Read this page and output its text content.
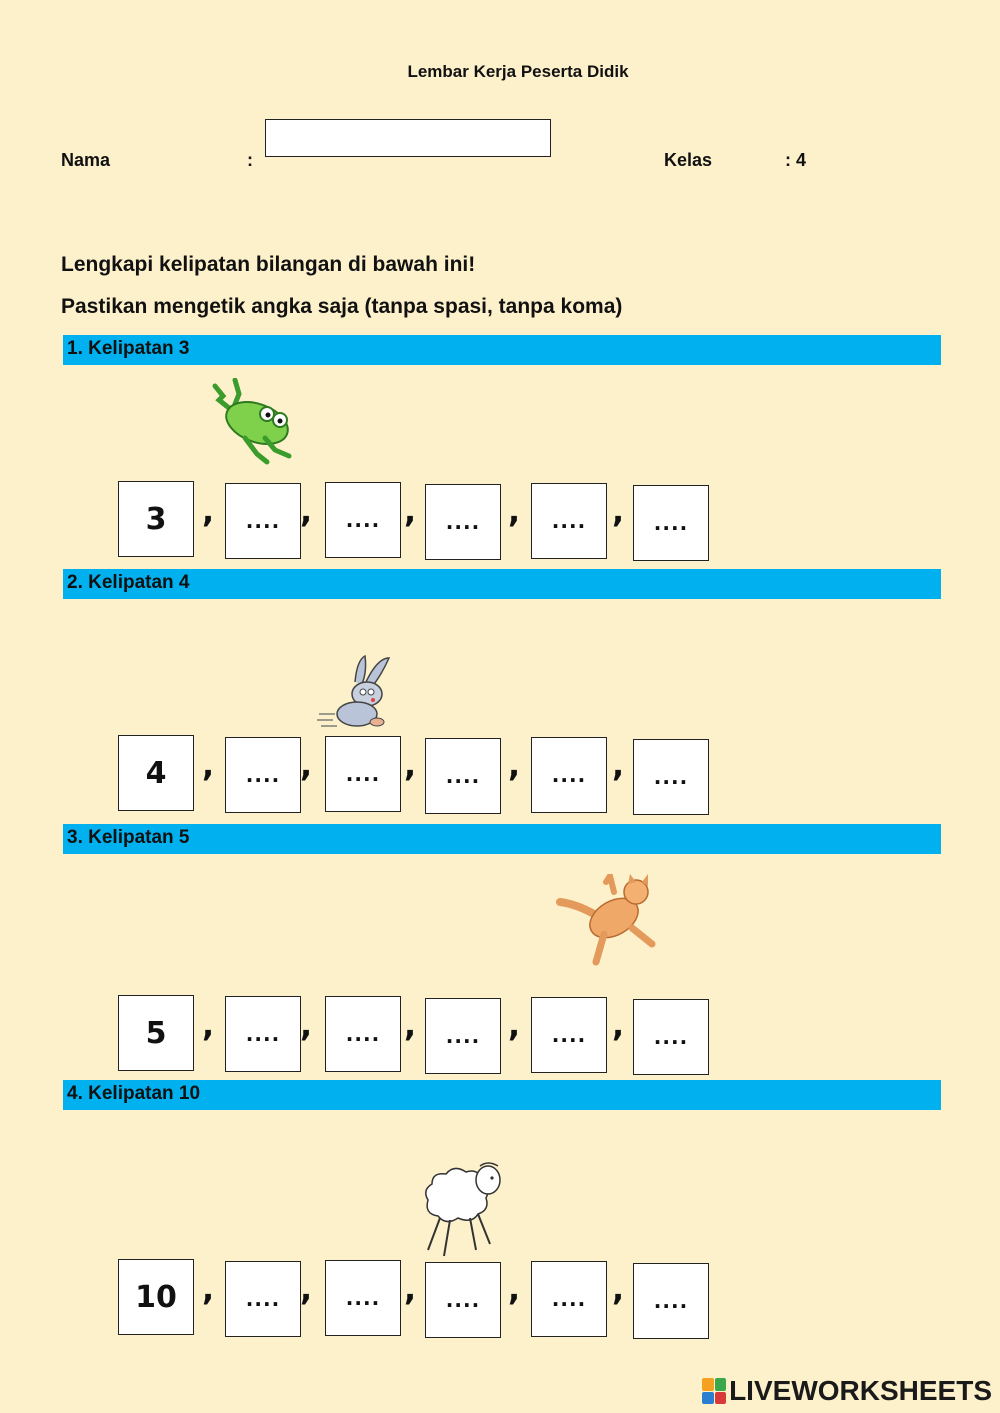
Lembar Kerja Peserta Didik
Nama	:	Kelas	: 4
Lengkapi kelipatan bilangan di bawah ini!
Pastikan mengetik angka saja (tanpa spasi, tanpa koma)
1. Kelipatan 3
2. Kelipatan 4
3. Kelipatan 5
4. Kelipatan 10
3	,	.... ,	.... ,	.... ,	.... ,	....
4	,	.... ,	.... ,	.... ,	.... ,	....
5	,	.... ,	.... ,	.... ,	.... ,	....
10 ,	.... ,	.... ,	.... ,	.... ,	....
LIVEWORKSHEETS
